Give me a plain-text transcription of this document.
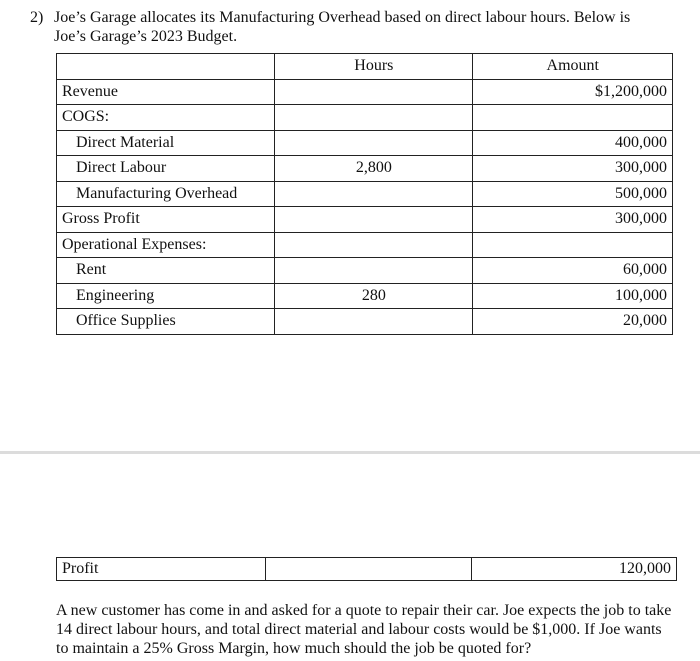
2) Joe’s Garage allocates its Manufacturing Overhead based on direct labour hours. Below is
Joe’s Garage’s 2023 Budget.
	Hours	Amount
Revenue		$1,200,000
COGS:		
Direct Material		400,000
Direct Labour	2,800	300,000
Manufacturing Overhead		500,000
Gross Profit		300,000
Operational Expenses:		
Rent		60,000
Engineering	280	100,000
Office Supplies		20,000
Profit		120,000
A new customer has come in and asked for a quote to repair their car. Joe expects the job to take 14 direct labour hours, and total direct material and labour costs would be $1,000. If Joe wants to maintain a 25% Gross Margin, how much should the job be quoted for?
